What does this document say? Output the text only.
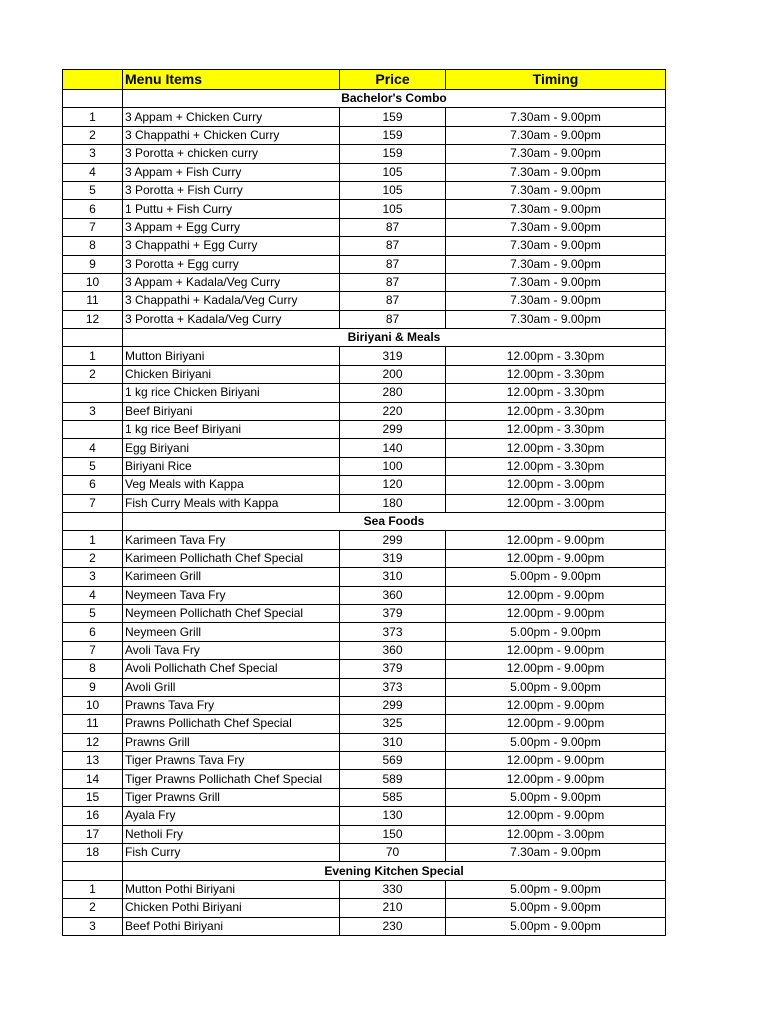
	Menu Items	Price	Timing
	Bachelor's Combo		
1	3 Appam + Chicken Curry	159	7.30am - 9.00pm
2	3 Chappathi + Chicken Curry	159	7.30am - 9.00pm
3	3 Porotta + chicken curry	159	7.30am - 9.00pm
4	3 Appam + Fish Curry	105	7.30am - 9.00pm
5	3 Porotta + Fish Curry	105	7.30am - 9.00pm
6	1 Puttu + Fish Curry	105	7.30am - 9.00pm
7	3 Appam + Egg Curry	87	7.30am - 9.00pm
8	3 Chappathi + Egg Curry	87	7.30am - 9.00pm
9	3 Porotta + Egg curry	87	7.30am - 9.00pm
10	3 Appam + Kadala/Veg Curry	87	7.30am - 9.00pm
11	3 Chappathi + Kadala/Veg Curry	87	7.30am - 9.00pm
12	3 Porotta + Kadala/Veg Curry	87	7.30am - 9.00pm
	Biriyani & Meals		
1	Mutton Biriyani	319	12.00pm - 3.30pm
2	Chicken Biriyani	200	12.00pm - 3.30pm
	1 kg rice Chicken Biriyani	280	12.00pm - 3.30pm
3	Beef Biriyani	220	12.00pm - 3.30pm
	1 kg rice Beef Biriyani	299	12.00pm - 3.30pm
4	Egg Biriyani	140	12.00pm - 3.30pm
5	Biriyani Rice	100	12.00pm - 3.30pm
6	Veg Meals with Kappa	120	12.00pm - 3.00pm
7	Fish Curry Meals with Kappa	180	12.00pm - 3.00pm
	Sea Foods		
1	Karimeen Tava Fry	299	12.00pm - 9.00pm
2	Karimeen Pollichath Chef Special	319	12.00pm - 9.00pm
3	Karimeen Grill	310	5.00pm - 9.00pm
4	Neymeen Tava Fry	360	12.00pm - 9.00pm
5	Neymeen Pollichath Chef Special	379	12.00pm - 9.00pm
6	Neymeen Grill	373	5.00pm - 9.00pm
7	Avoli Tava Fry	360	12.00pm - 9.00pm
8	Avoli Pollichath Chef Special	379	12.00pm - 9.00pm
9	Avoli Grill	373	5.00pm - 9.00pm
10	Prawns Tava Fry	299	12.00pm - 9.00pm
11	Prawns Pollichath Chef Special	325	12.00pm - 9.00pm
12	Prawns Grill	310	5.00pm - 9.00pm
13	Tiger Prawns Tava Fry	569	12.00pm - 9.00pm
14	Tiger Prawns Pollichath Chef Special	589	12.00pm - 9.00pm
15	Tiger Prawns Grill	585	5.00pm - 9.00pm
16	Ayala Fry	130	12.00pm - 9.00pm
17	Netholi Fry	150	12.00pm - 3.00pm
18	Fish Curry	70	7.30am - 9.00pm
	Evening Kitchen Special		
1	Mutton Pothi Biriyani	330	5.00pm - 9.00pm
2	Chicken Pothi Biriyani	210	5.00pm - 9.00pm
3	Beef Pothi Biriyani	230	5.00pm - 9.00pm
